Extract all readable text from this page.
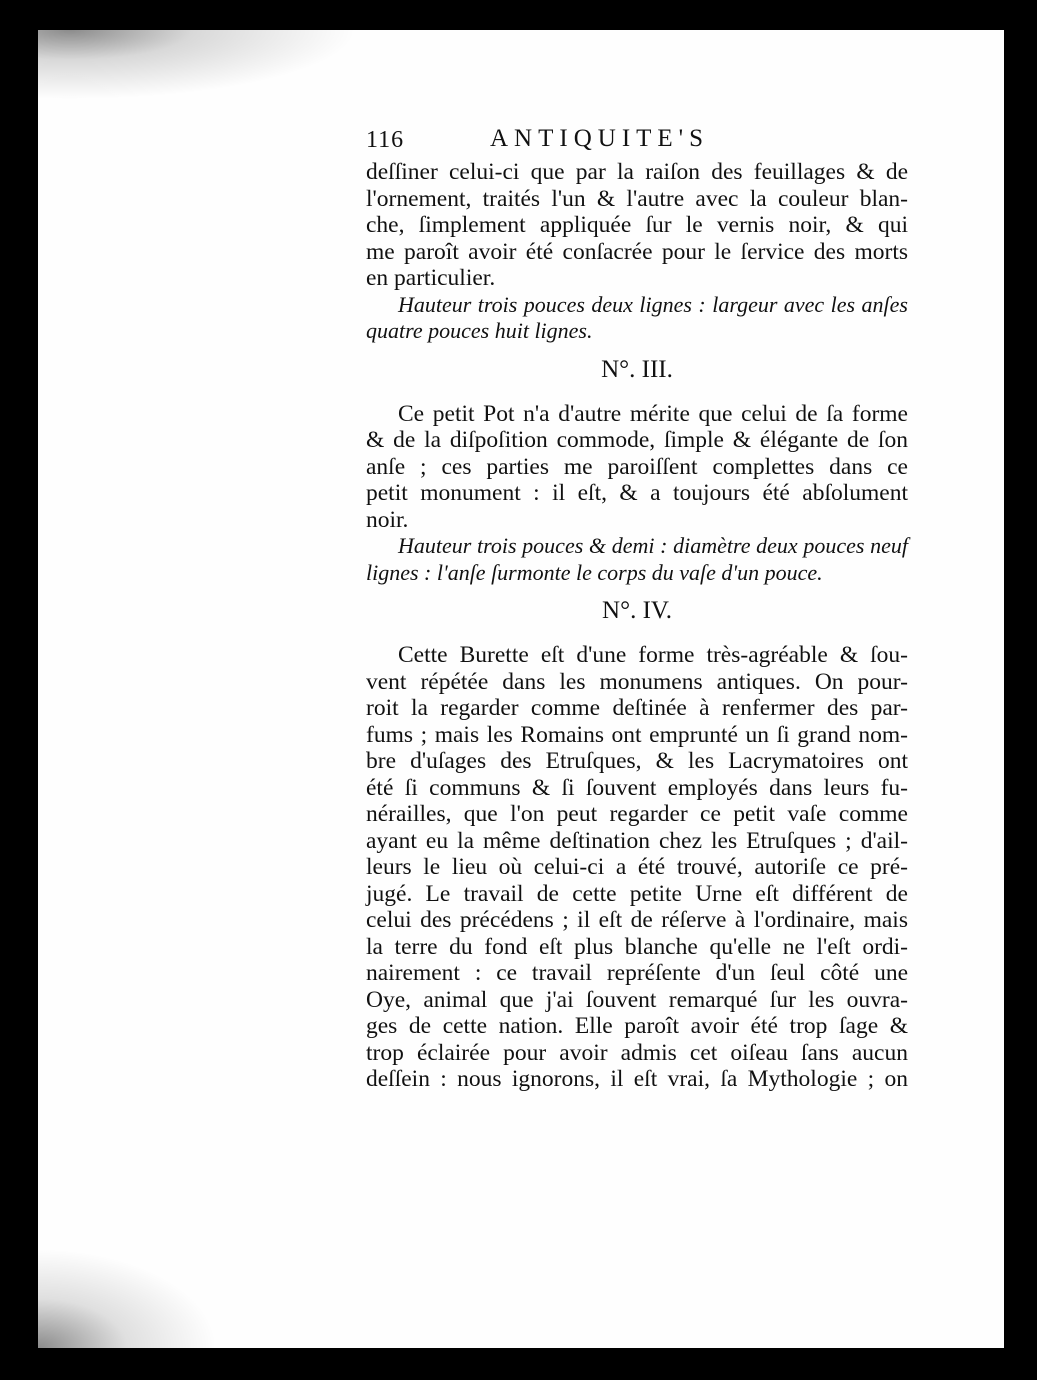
116	ANTIQUITE'S
deſſiner celui-ci que par la raiſon des feuillages & de
l'ornement, traités l'un & l'autre avec la couleur blan-
che, ſimplement appliquée ſur le vernis noir, & qui
me paroît avoir été conſacrée pour le ſervice des morts
en particulier.
Hauteur trois pouces deux lignes : largeur avec les anſes
quatre pouces huit lignes.
N°. III.
Ce petit Pot n'a d'autre mérite que celui de ſa forme
& de la diſpoſition commode, ſimple & élégante de ſon
anſe ; ces parties me paroiſſent complettes dans ce
petit monument : il eſt, & a toujours été abſolument
noir.
Hauteur trois pouces & demi : diamètre deux pouces neuf
lignes : l'anſe ſurmonte le corps du vaſe d'un pouce.
N°. IV.
Cette Burette eſt d'une forme très-agréable & ſou-
vent répétée dans les monumens antiques. On pour-
roit la regarder comme deſtinée à renfermer des par-
fums ; mais les Romains ont emprunté un ſi grand nom-
bre d'uſages des Etruſques, & les Lacrymatoires ont
été ſi communs & ſi ſouvent employés dans leurs fu-
nérailles, que l'on peut regarder ce petit vaſe comme
ayant eu la même deſtination chez les Etruſques ; d'ail-
leurs le lieu où celui-ci a été trouvé, autoriſe ce pré-
jugé. Le travail de cette petite Urne eſt différent de
celui des précédens ; il eſt de réſerve à l'ordinaire, mais
la terre du fond eſt plus blanche qu'elle ne l'eſt ordi-
nairement : ce travail repréſente d'un ſeul côté une
Oye, animal que j'ai ſouvent remarqué ſur les ouvra-
ges de cette nation. Elle paroît avoir été trop ſage &
trop éclairée pour avoir admis cet oiſeau ſans aucun
deſſein : nous ignorons, il eſt vrai, ſa Mythologie ; on
